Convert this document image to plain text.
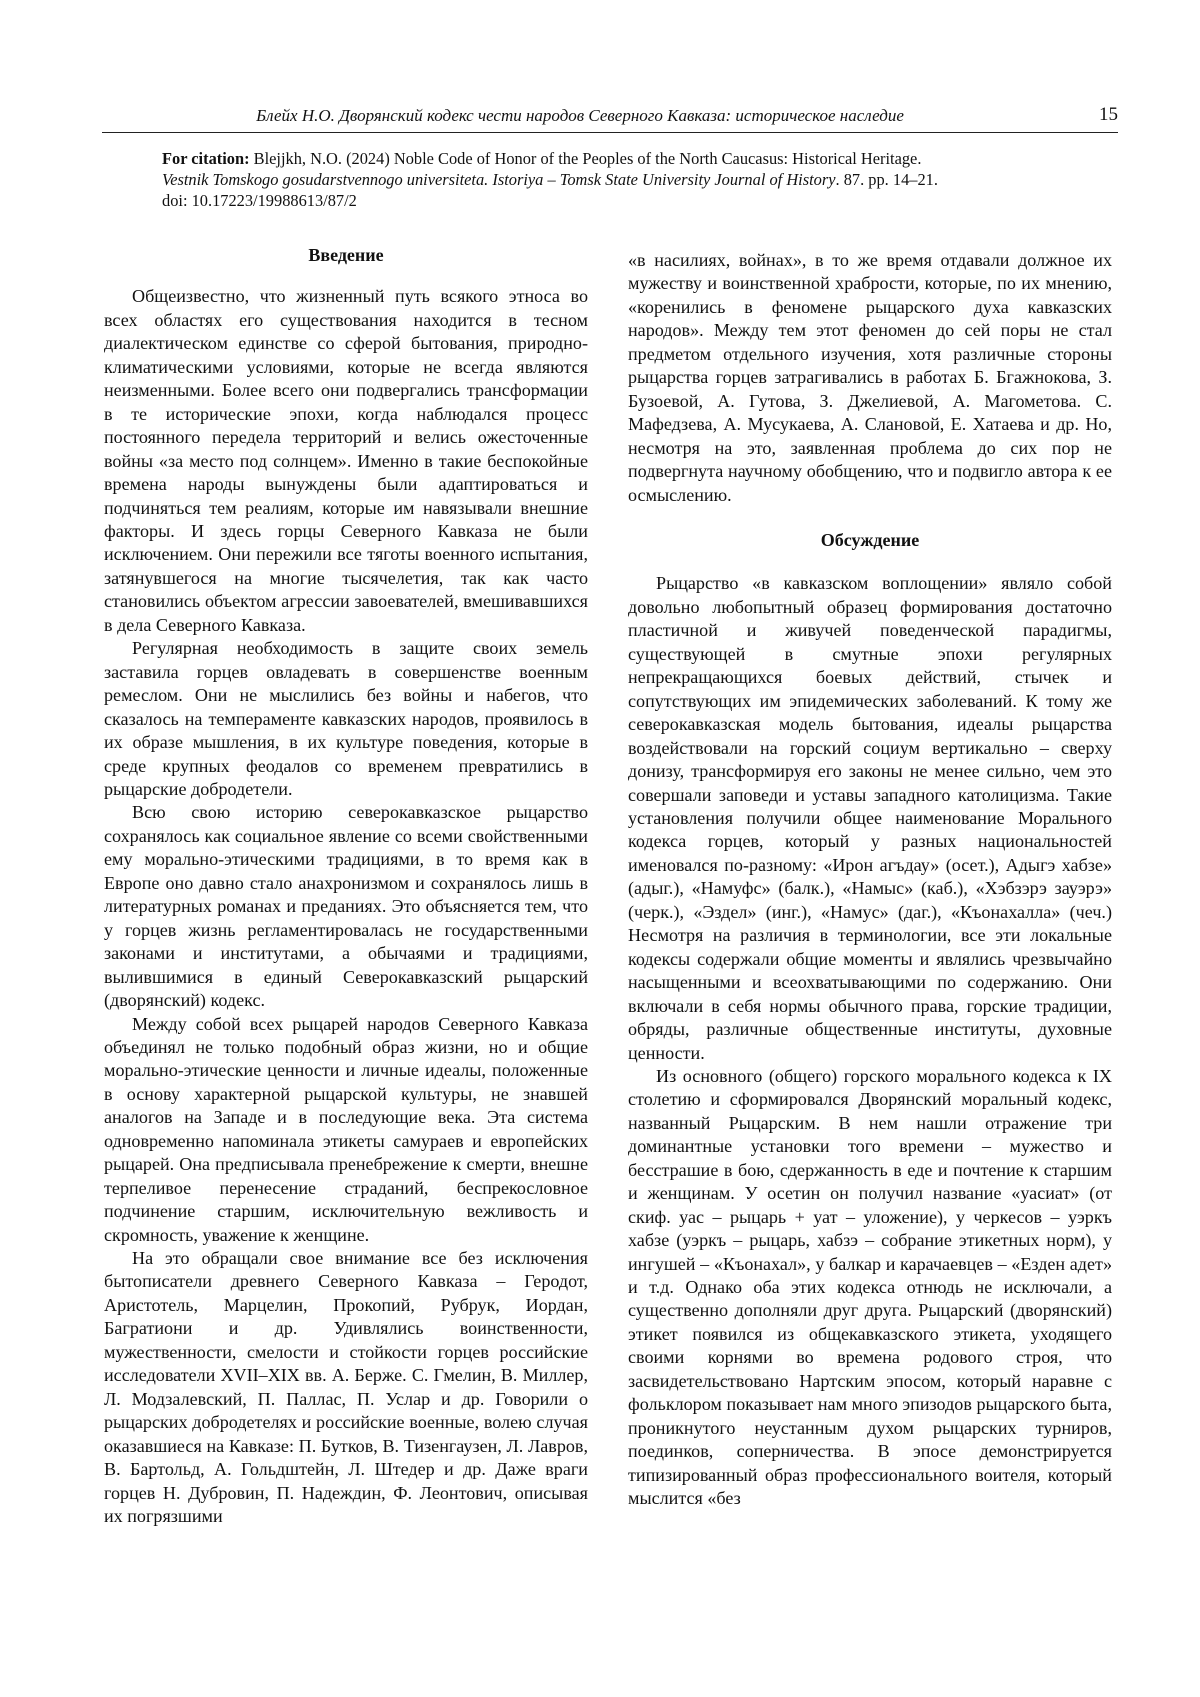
Блейх Н.О. Дворянский кодекс чести народов Северного Кавказа: историческое наследие	15
For citation: Blejjkh, N.O. (2024) Noble Code of Honor of the Peoples of the North Caucasus: Historical Heritage.
Vestnik Tomskogo gosudarstvennogo universiteta. Istoriya – Tomsk State University Journal of History. 87. pp. 14–21.
doi: 10.17223/19988613/87/2
Введение

Общеизвестно, что жизненный путь всякого этноса во всех областях его существования находится в тесном диалектическом единстве со сферой бытования, природно-климатическими условиями, которые не всегда являются неизменными. Более всего они подвергались трансформации в те исторические эпохи, когда наблюдался процесс постоянного передела территорий и велись ожесточенные войны «за место под солнцем». Именно в такие беспокойные времена народы вынуждены были адаптироваться и подчиняться тем реалиям, которые им навязывали внешние факторы. И здесь горцы Северного Кавказа не были исключением. Они пережили все тяготы военного испытания, затянувшегося на многие тысячелетия, так как часто становились объектом агрессии завоевателей, вмешивавшихся в дела Северного Кавказа.

Регулярная необходимость в защите своих земель заставила горцев овладевать в совершенстве военным ремеслом. Они не мыслились без войны и набегов, что сказалось на темпераменте кавказских народов, проявилось в их образе мышления, в их культуре поведения, которые в среде крупных феодалов со временем превратились в рыцарские добродетели.

Всю свою историю северокавказское рыцарство сохранялось как социальное явление со всеми свойственными ему морально-этическими традициями, в то время как в Европе оно давно стало анахронизмом и сохранялось лишь в литературных романах и преданиях. Это объясняется тем, что у горцев жизнь регламентировалась не государственными законами и институтами, а обычаями и традициями, вылившимися в единый Северокавказский рыцарский (дворянский) кодекс.

Между собой всех рыцарей народов Северного Кавказа объединял не только подобный образ жизни, но и общие морально-этические ценности и личные идеалы, положенные в основу характерной рыцарской культуры, не знавшей аналогов на Западе и в последующие века. Эта система одновременно напоминала этикеты самураев и европейских рыцарей. Она предписывала пренебрежение к смерти, внешне терпеливое перенесение страданий, беспрекословное подчинение старшим, исключительную вежливость и скромность, уважение к женщине.

На это обращали свое внимание все без исключения бытописатели древнего Северного Кавказа – Геродот, Аристотель, Марцелин, Прокопий, Рубрук, Иордан, Багратиони и др. Удивлялись воинственности, мужественности, смелости и стойкости горцев российские исследователи XVII–XIX вв. А. Берже. С. Гмелин, В. Миллер, Л. Модзалевский, П. Паллас, П. Услар и др. Говорили о рыцарских добродетелях и российские военные, волею случая оказавшиеся на Кавказе: П. Бутков, В. Тизенгаузен, Л. Лавров, В. Бартольд, А. Гольдштейн, Л. Штедер и др. Даже враги горцев Н. Дубровин, П. Надеждин, Ф. Леонтович, описывая их погрязшими

«в насилиях, войнах», в то же время отдавали должное их мужеству и воинственной храбрости, которые, по их мнению, «коренились в феномене рыцарского духа кавказских народов». Между тем этот феномен до сей поры не стал предметом отдельного изучения, хотя различные стороны рыцарства горцев затрагивались в работах Б. Бгажнокова, З. Бузоевой, А. Гутова, З. Джелиевой, А. Магометова. С. Мафедзева, А. Мусукаева, А. Слановой, Е. Хатаева и др. Но, несмотря на это, заявленная проблема до сих пор не подвергнута научному обобщению, что и подвигло автора к ее осмыслению.

Обсуждение

Рыцарство «в кавказском воплощении» являло собой довольно любопытный образец формирования достаточно пластичной и живучей поведенческой парадигмы, существующей в смутные эпохи регулярных непрекращающихся боевых действий, стычек и сопутствующих им эпидемических заболеваний. К тому же северокавказская модель бытования, идеалы рыцарства воздействовали на горский социум вертикально – сверху донизу, трансформируя его законы не менее сильно, чем это совершали заповеди и уставы западного католицизма. Такие установления получили общее наименование Морального кодекса горцев, который у разных национальностей именовался по-разному: «Ирон агъдау» (осет.), Адыгэ хабзе» (адыг.), «Намуфс» (балк.), «Намыс» (каб.), «Хэбзэрэ зауэрэ» (черк.), «Эздел» (инг.), «Намус» (даг.), «Къонахалла» (чеч.) Несмотря на различия в терминологии, все эти локальные кодексы содержали общие моменты и являлись чрезвычайно насыщенными и всеохватывающими по содержанию. Они включали в себя нормы обычного права, горские традиции, обряды, различные общественные институты, духовные ценности.

Из основного (общего) горского морального кодекса к IX столетию и сформировался Дворянский моральный кодекс, названный Рыцарским. В нем нашли отражение три доминантные установки того времени – мужество и бесстрашие в бою, сдержанность в еде и почтение к старшим и женщинам. У осетин он получил название «уасиат» (от скиф. уас – рыцарь + уат – уложение), у черкесов – уэркъ хабзе (уэркъ – рыцарь, хабзэ – собрание этикетных норм), у ингушей – «Къонахал», у балкар и карачаевцев – «Езден адет» и т.д. Однако оба этих кодекса отнюдь не исключали, а существенно дополняли друг друга. Рыцарский (дворянский) этикет появился из общекавказского этикета, уходящего своими корнями во времена родового строя, что засвидетельствовано Нартским эпосом, который наравне с фольклором показывает нам много эпизодов рыцарского быта, проникнутого неустанным духом рыцарских турниров, поединков, соперничества. В эпосе демонстрируется типизированный образ профессионального воителя, который мыслится «без
